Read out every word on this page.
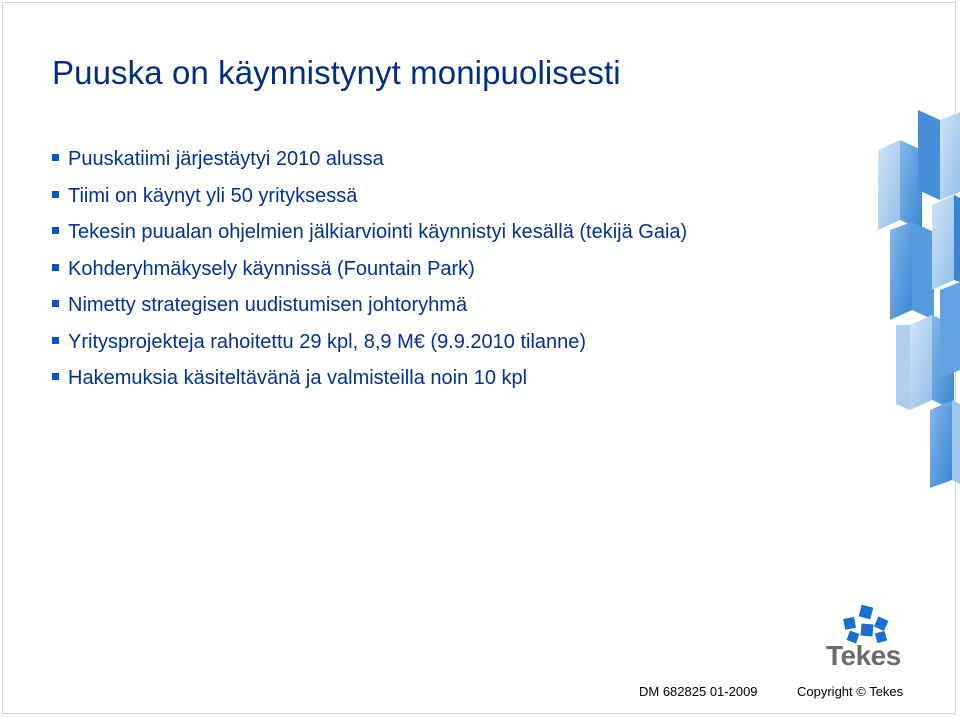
Puuska on käynnistynyt monipuolisesti
Puuskatiimi järjestäytyi 2010 alussa
Tiimi on käynyt yli 50 yrityksessä
Tekesin puualan ohjelmien jälkiarviointi käynnistyi kesällä (tekijä Gaia)
Kohderyhmäkysely käynnissä (Fountain Park)
Nimetty strategisen uudistumisen johtoryhmä
Yritysprojekteja rahoitettu 29 kpl, 8,9 M€ (9.9.2010 tilanne)
Hakemuksia käsiteltävänä ja valmisteilla noin 10 kpl
Tekes
DM 682825 01-2009	Copyright © Tekes
